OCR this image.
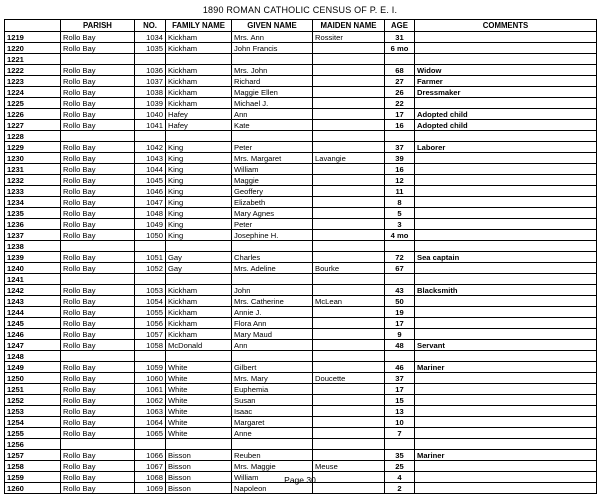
1890 ROMAN CATHOLIC CENSUS OF P. E. I.
	PARISH	NO.	FAMILY NAME	GIVEN NAME	MAIDEN NAME	AGE	COMMENTS
1219	Rollo Bay	1034	Kickham	Mrs. Ann	Rossiter	31	
1220	Rollo Bay	1035	Kickham	John Francis		6 mo	
1221							
1222	Rollo Bay	1036	Kickham	Mrs. John		68	Widow
1223	Rollo Bay	1037	Kickham	Richard		27	Farmer
1224	Rollo Bay	1038	Kickham	Maggie Ellen		26	Dressmaker
1225	Rollo Bay	1039	Kickham	Michael J.		22	
1226	Rollo Bay	1040	Hafey	Ann		17	Adopted child
1227	Rollo Bay	1041	Hafey	Kate		16	Adopted child
1228							
1229	Rollo Bay	1042	King	Peter		37	Laborer
1230	Rollo Bay	1043	King	Mrs. Margaret	Lavangie	39	
1231	Rollo Bay	1044	King	William		16	
1232	Rollo Bay	1045	King	Maggie		12	
1233	Rollo Bay	1046	King	Geoffery		11	
1234	Rollo Bay	1047	King	Elizabeth		8	
1235	Rollo Bay	1048	King	Mary Agnes		5	
1236	Rollo Bay	1049	King	Peter		3	
1237	Rollo Bay	1050	King	Josephine H.		4 mo	
1238							
1239	Rollo Bay	1051	Gay	Charles		72	Sea captain
1240	Rollo Bay	1052	Gay	Mrs. Adeline	Bourke	67	
1241							
1242	Rollo Bay	1053	Kickham	John		43	Blacksmith
1243	Rollo Bay	1054	Kickham	Mrs. Catherine	McLean	50	
1244	Rollo Bay	1055	Kickham	Annie J.		19	
1245	Rollo Bay	1056	Kickham	Flora Ann		17	
1246	Rollo Bay	1057	Kickham	Mary Maud		9	
1247	Rollo Bay	1058	McDonald	Ann		48	Servant
1248							
1249	Rollo Bay	1059	White	Gilbert		46	Mariner
1250	Rollo Bay	1060	White	Mrs. Mary	Doucette	37	
1251	Rollo Bay	1061	White	Euphemia		17	
1252	Rollo Bay	1062	White	Susan		15	
1253	Rollo Bay	1063	White	Isaac		13	
1254	Rollo Bay	1064	White	Margaret		10	
1255	Rollo Bay	1065	White	Anne		7	
1256							
1257	Rollo Bay	1066	Bisson	Reuben		35	Mariner
1258	Rollo Bay	1067	Bisson	Mrs. Maggie	Meuse	25	
1259	Rollo Bay	1068	Bisson	William		4	
1260	Rollo Bay	1069	Bisson	Napoleon		2	
Page 30
